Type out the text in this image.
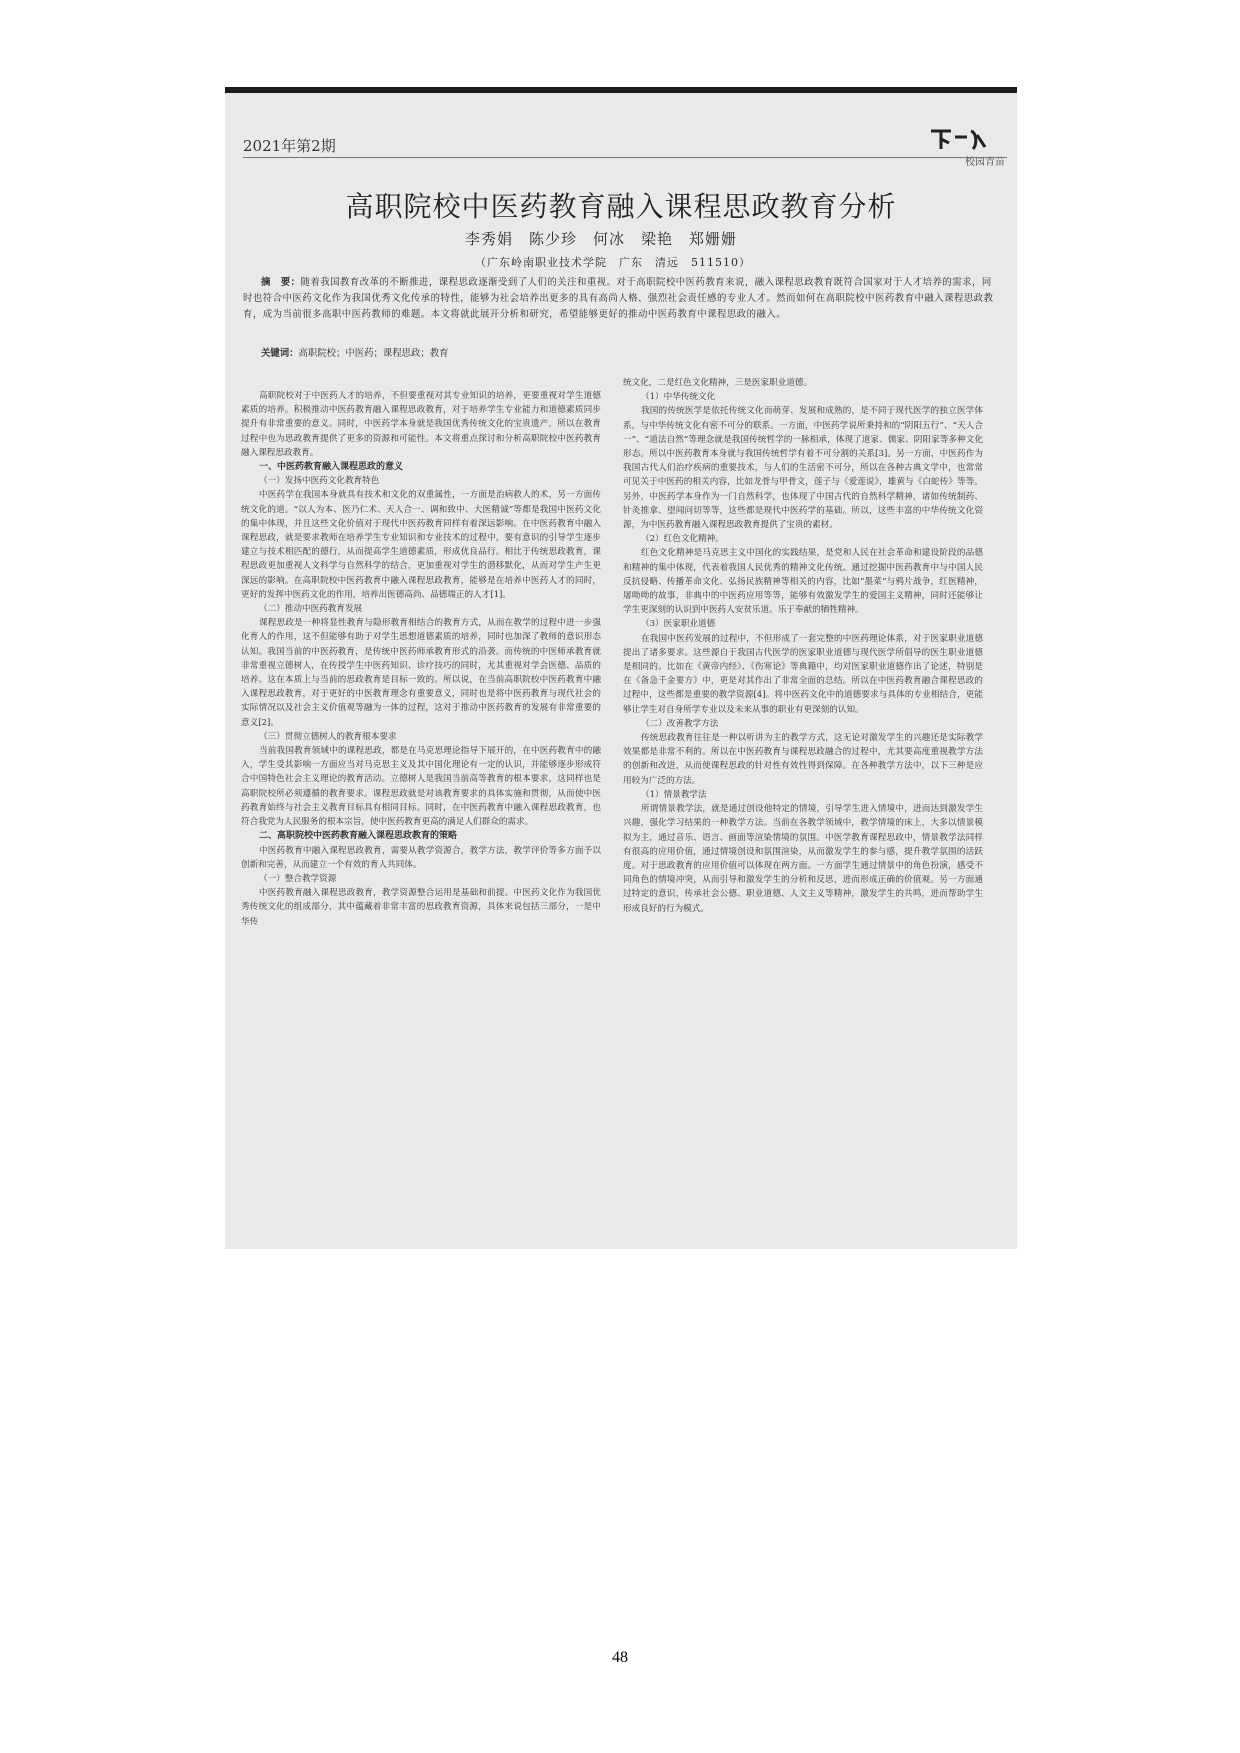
2021年第2期
校园青苗
高职院校中医药教育融入课程思政教育分析
李秀娟　陈少珍　何冰　梁艳　郑姗姗
（广东岭南职业技术学院　广东　清远　511510）
摘　要：随着我国教育改革的不断推进，课程思政逐渐受到了人们的关注和重视。对于高职院校中医药教育来说，融入课程思政教育既符合国家对于人才培养的需求，同时也符合中医药文化作为我国优秀文化传承的特性，能够为社会培养出更多的具有高尚人格、强烈社会责任感的专业人才。然而如何在高职院校中医药教育中融入课程思政教育，成为当前很多高职中医药教师的难题。本文将就此展开分析和研究，希望能够更好的推动中医药教育中课程思政的融入。
关键词：高职院校；中医药；课程思政；教育

高职院校对于中医药人才的培养，不但要重视对其专业知识的培养，更要重视对学生道德素质的培养。积极推动中医药教育融入课程思政教育，对于培养学生专业能力和道德素质同步提升有非常重要的意义。同时，中医药学本身就是我国优秀传统文化的宝贵遗产，所以在教育过程中也为思政教育提供了更多的资源和可能性。本文将重点探讨和分析高职院校中医药教育融入课程思政教育。

一、中医药教育融入课程思政的意义
（一）发扬中医药文化教育特色

中医药学在我国本身就具有技术和文化的双重属性，一方面是治病救人的术，另一方面传统文化的道。“以人为本、医乃仁术、天人合一、调和致中、大医精诚”等都是我国中医药文化的集中体现，并且这些文化价值对于现代中医药教育同样有着深远影响。在中医药教育中融入课程思政，就是要求教师在培养学生专业知识和专业技术的过程中，要有意识的引导学生逐步建立与技术相匹配的德行，从而提高学生道德素质，形成优良品行。相比于传统思政教育，课程思政更加重视人文科学与自然科学的结合，更加重视对学生的潜移默化，从而对学生产生更深远的影响。在高职院校中医药教育中融入课程思政教育，能够是在培养中医药人才的同时，更好的发挥中医药文化的作用，培养出医德高尚、品德端正的人才[1]。

（二）推动中医药教育发展

课程思政是一种将显性教育与隐形教育相结合的教育方式，从而在教学的过程中进一步强化育人的作用，这不但能够有助于对学生思想道德素质的培养，同时也加深了教师的意识形态认知。我国当前的中医药教育，是传统中医药师承教育形式的沿袭。而传统的中医师承教育就非常重视立德树人，在传授学生中医药知识、诊疗技巧的同时，尤其重视对学会医德、品质的培养。这在本质上与当前的思政教育是目标一致的。所以说，在当前高职院校中医药教育中融入课程思政教育，对于更好的中医教育理念有重要意义，同时也是将中医药教育与现代社会的实际情况以及社会主义价值观等融为一体的过程，这对于推动中医药教育的发展有非常重要的意义[2]。

（三）贯彻立德树人的教育根本要求

当前我国教育领域中的课程思政，都是在马克思理论指导下展开的，在中医药教育中的融入，学生受其影响一方面应当对马克思主义及其中国化理论有一定的认识，并能够逐步形成符合中国特色社会主义理论的教育活动。立德树人是我国当前高等教育的根本要求，这同样也是高职院校所必须遵循的教育要求。课程思政就是对该教育要求的具体实施和贯彻，从而使中医药教育始终与社会主义教育目标具有相同目标。同时，在中医药教育中融入课程思政教育，也符合我党为人民服务的根本宗旨，使中医药教育更高的满足人们群众的需求。

二、高职院校中医药教育融入课程思政教育的策略

中医药教育中融入课程思政教育，需要从教学资源合，教学方法，教学评价等多方面予以创新和完善，从而建立一个有效的育人共同体。

（一）整合教学资源

中医药教育融入课程思政教育，教学资源整合运用是基础和前提。中医药文化作为我国优秀传统文化的组成部分，其中蕴藏着非常丰富的思政教育资源，具体来说包括三部分，一是中华传

统文化，二是红色文化精神，三是医家职业道德。

（1）中华传统文化

我国的传统医学是依托传统文化而萌芽、发展和成熟的，是不同于现代医学的独立医学体系，与中华传统文化有密不可分的联系。一方面，中医药学说所秉持和的“阴阳五行”、“天人合一”、“道法自然”等理念就是我国传统哲学的一脉相承，体现了道家、儒家、阴阳家等多种文化形态。所以中医药教育本身就与我国传统哲学有着不可分割的关系[3]。另一方面，中医药作为我国古代人们治疗疾病的重要技术，与人们的生活密不可分，所以在各种古典文学中，也常常可见关于中医药的相关内容，比如龙骨与甲骨文，莲子与《爱莲说》，雄黄与《白蛇传》等等。另外，中医药学本身作为一门自然科学，也体现了中国古代的自然科学精神，诸如传统制药、针灸推拿、望闻问切等等，这些都是现代中医药学的基础。所以，这些丰富的中华传统文化资源，为中医药教育融入课程思政教育提供了宝贵的素材。

（2）红色文化精神。

红色文化精神是马克思主义中国化的实践结果，是党和人民在社会革命和建设阶段的品德和精神的集中体现，代表着我国人民优秀的精神文化传统。通过挖掘中医药教育中与中国人民反抗侵略、传播革命文化、弘扬民族精神等相关的内容，比如“墨菜”与鸦片战争，红医精神，屠呦呦的故事，非典中的中医药应用等等，能够有效激发学生的爱国主义精神，同时还能够让学生更深刻的认识到中医药人安贫乐道、乐于奉献的牺牲精神。

（3）医家职业道德

在我国中医药发展的过程中，不但形成了一套完整的中医药理论体系，对于医家职业道德提出了诸多要求。这些源自于我国古代医学的医家职业道德与现代医学所倡导的医生职业道德是相同的。比如在《黄帝内经》、《伤寒论》等典籍中，均对医家职业道德作出了论述，特别是在《备急千金要方》中，更是对其作出了非常全面的总结。所以在中医药教育融合课程思政的过程中，这些都是重要的教学资源[4]。将中医药文化中的道德要求与具体的专业相结合，更能够让学生对自身所学专业以及未来从事的职业有更深刻的认知。

（二）改善教学方法

传统思政教育往往是一种以听讲为主的教学方式，这无论对激发学生的兴趣还是实际教学效果都是非常不利的。所以在中医药教育与课程思政融合的过程中，尤其要高度重视教学方法的创新和改进，从而使课程思政的针对性有效性得到保障。在各种教学方法中，以下三种是应用较为广泛的方法。

（1）情景教学法

所谓情景教学法，就是通过创设他特定的情境，引导学生进入情境中，进而达到激发学生兴趣，强化学习结果的一种教学方法。当前在各教学领域中，教学情境的床上，大多以情景模拟为主，通过音乐、语言、画面等渲染情境的氛围。中医学教育课程思政中，情景教学法同样有很高的应用价值，通过情境创设和氛围渲染，从而激发学生的参与感，提升教学氛围的活跃度。对于思政教育的应用价值可以体现在两方面。一方面学生通过情景中的角色扮演，感受不同角色的情境冲突，从而引导和激发学生的分析和反思，进而形成正确的价值观。另一方面通过特定的意识，传承社会公德、职业道德、人文主义等精神，激发学生的共鸣，进而帮助学生形成良好的行为模式。

48
